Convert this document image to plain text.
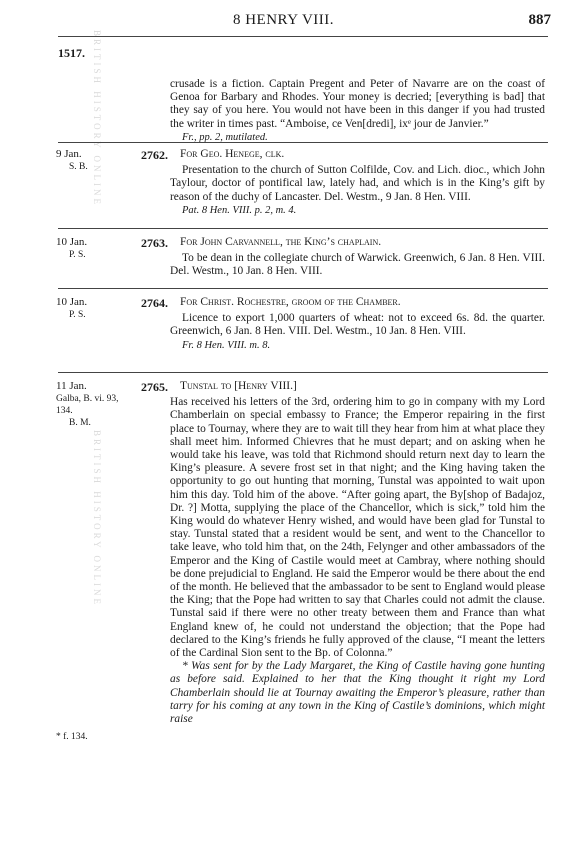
8 HENRY VIII.	887
1517. BRITISH HISTORY ONLINE
BRITISH HISTORY ONLINE

crusade is a fiction. Captain Pregent and Peter of Navarre are on the coast of Genoa for Barbary and Rhodes. Your money is decried; [everything is bad] that they say of you here. You would not have been in this danger if you had trusted the writer in times past. “Amboise, ce Ven[dredi], ixᵉ jour de Janvier.”

Fr., pp. 2, mutilated.

9 Jan.
S. B.
2762.	For Geo. Henege, clk.

Presentation to the church of Sutton Colfilde, Cov. and Lich. dioc., which John Taylour, doctor of pontifical law, lately had, and which is in the King’s gift by reason of the duchy of Lancaster. Del. Westm., 9 Jan. 8 Hen. VIII.

Pat. 8 Hen. VIII. p. 2, m. 4.

10 Jan.
P. S.
2763.	For John Carvannell, the King’s chaplain.

To be dean in the collegiate church of Warwick. Greenwich, 6 Jan. 8 Hen. VIII. Del. Westm., 10 Jan. 8 Hen. VIII.

10 Jan.
P. S.
2764.	For Christ. Rochestre, groom of the Chamber.

Licence to export 1,000 quarters of wheat: not to exceed 6s. 8d. the quarter. Greenwich, 6 Jan. 8 Hen. VIII. Del. Westm., 10 Jan. 8 Hen. VIII.

Fr. 8 Hen. VIII. m. 8.

11 Jan.
Galba, B. vi. 93, 134.
B. M.
2765.	Tunstal to [Henry VIII.]

Has received his letters of the 3rd, ordering him to go in company with my Lord Chamberlain on special embassy to France; the Emperor repairing in the first place to Tournay, where they are to wait till they hear from him at what place they shall meet him. Informed Chievres that he must depart; and on asking when he would take his leave, was told that Richmond should return next day to learn the King’s pleasure. A severe frost set in that night; and the King having taken the opportunity to go out hunting that morning, Tunstal was appointed to wait upon him this day. Told him of the above. “After going apart, the By[shop of Badajoz, Dr. ?] Motta, supplying the place of the Chancellor, which is sick,” told him the King would do whatever Henry wished, and would have been glad for Tunstal to stay. Tunstal stated that a resident would be sent, and went to the Chancellor to take leave, who told him that, on the 24th, Felynger and other ambassadors of the Emperor and the King of Castile would meet at Cambray, where nothing should be done prejudicial to England. He said the Emperor would be there about the end of the month. He believed that the ambassador to be sent to England would please the King; that the Pope had written to say that Charles could not admit the clause. Tunstal said if there were no other treaty between them and France than what England knew of, he could not understand the objection; that the Pope had declared to the King’s friends he fully approved of the clause, “I meant the letters of the Cardinal Sion sent to the Bp. of Colonna.”

* Was sent for by the Lady Margaret, the King of Castile having gone hunting as before said. Explained to her that the King thought it right my Lord Chamberlain should lie at Tournay awaiting the Emperor’s pleasure, rather than tarry for his coming at any town in the King of Castile’s dominions, which might raise

* f. 134.
